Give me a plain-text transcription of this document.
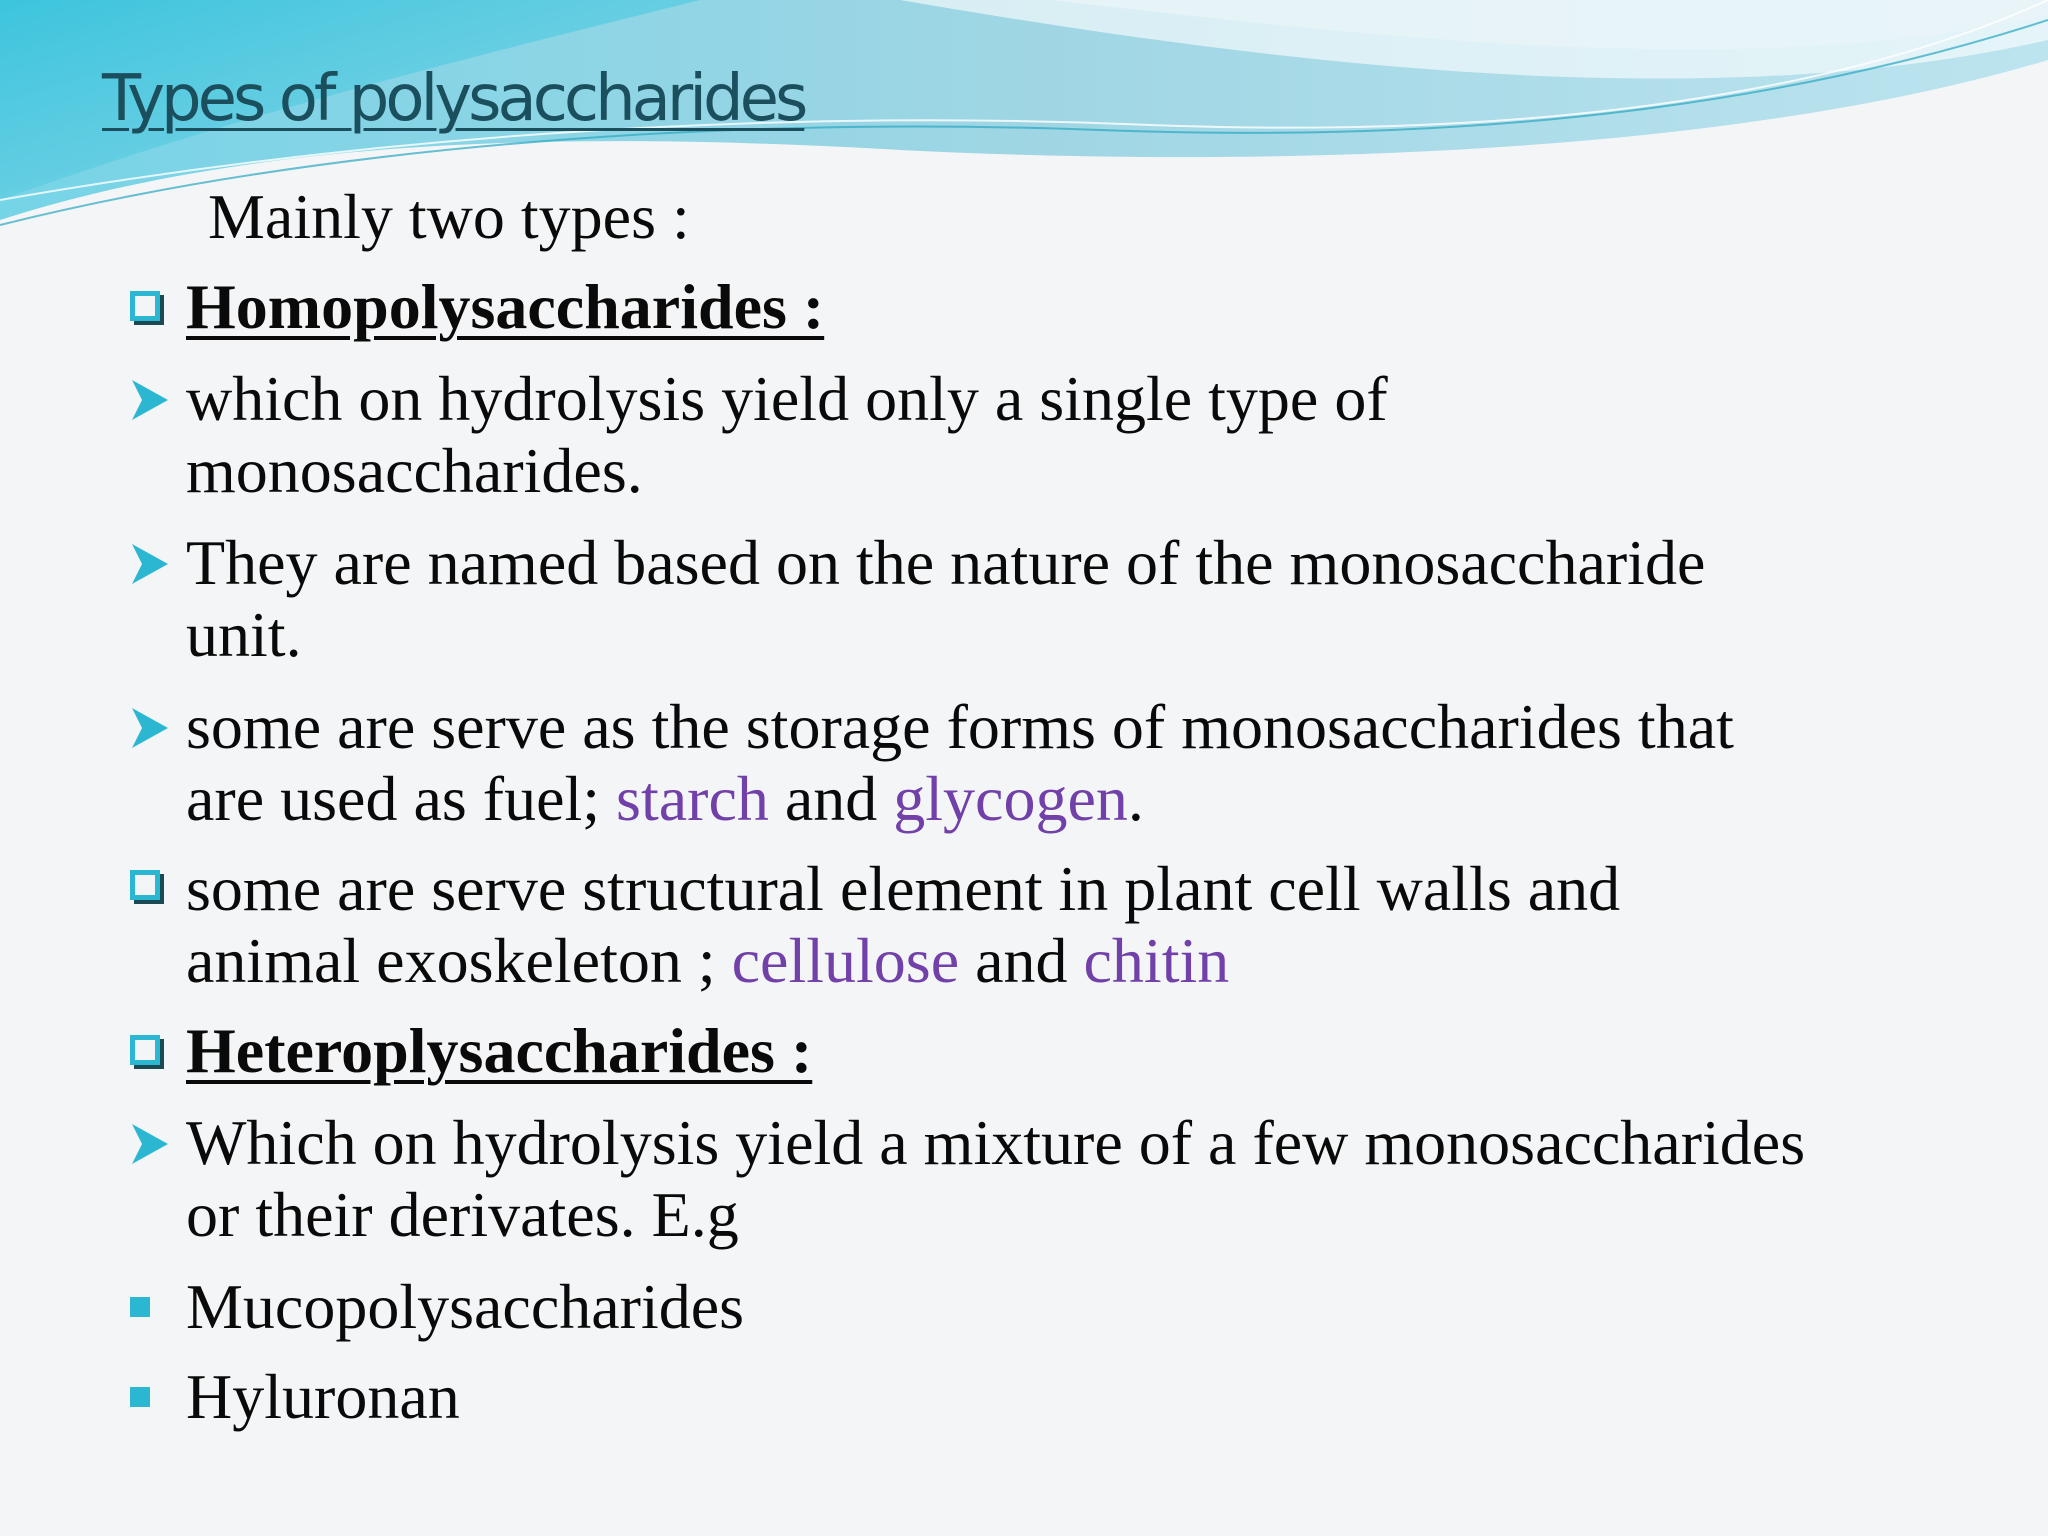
Types of polysaccharides
Mainly two types :
Homopolysaccharides :
which on hydrolysis yield only a single type of
monosaccharides.
They are named based on the nature of the monosaccharide
unit.
some are serve as the storage forms of monosaccharides that
are used as fuel; starch and glycogen.
some are serve structural element in plant cell walls and
animal exoskeleton ; cellulose and chitin
Heteroplysaccharides :
Which on hydrolysis yield a mixture of a few monosaccharides
or their derivates. E.g
Mucopolysaccharides
Hyluronan
